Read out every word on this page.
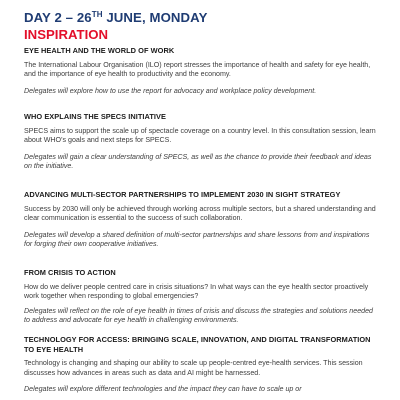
DAY 2 – 26TH JUNE, MONDAY
INSPIRATION

EYE HEALTH AND THE WORLD OF WORK

The International Labour Organisation (ILO) report stresses the importance of health and safety for eye health, and the importance of eye health to productivity and the economy.

Delegates will explore how to use the report for advocacy and workplace policy development.

WHO EXPLAINS THE SPECS INITIATIVE

SPECS aims to support the scale up of spectacle coverage on a country level. In this consultation session, learn about WHO’s goals and next steps for SPECS.

Delegates will gain a clear understanding of SPECS, as well as the chance to provide their feedback and ideas on the initiative.

ADVANCING MULTI-SECTOR PARTNERSHIPS TO IMPLEMENT 2030 IN SIGHT STRATEGY

Success by 2030 will only be achieved through working across multiple sectors, but a shared understanding and clear communication is essential to the success of such collaboration.

Delegates will develop a shared definition of multi-sector partnerships and share lessons from and inspirations for forging their own cooperative initiatives.

FROM CRISIS TO ACTION

How do we deliver people centred care in crisis situations? In what ways can the eye health sector proactively work together when responding to global emergencies?

Delegates will reflect on the role of eye health in times of crisis and discuss the strategies and solutions needed to address and advocate for eye health in challenging environments.

TECHNOLOGY FOR ACCESS: BRINGING SCALE, INNOVATION, AND DIGITAL TRANSFORMATION TO EYE HEALTH

Technology is changing and shaping our ability to scale up people-centred eye-health services. This session discusses how advances in areas such as data and AI might be harnessed.

Delegates will explore different technologies and the impact they can have to scale up or
